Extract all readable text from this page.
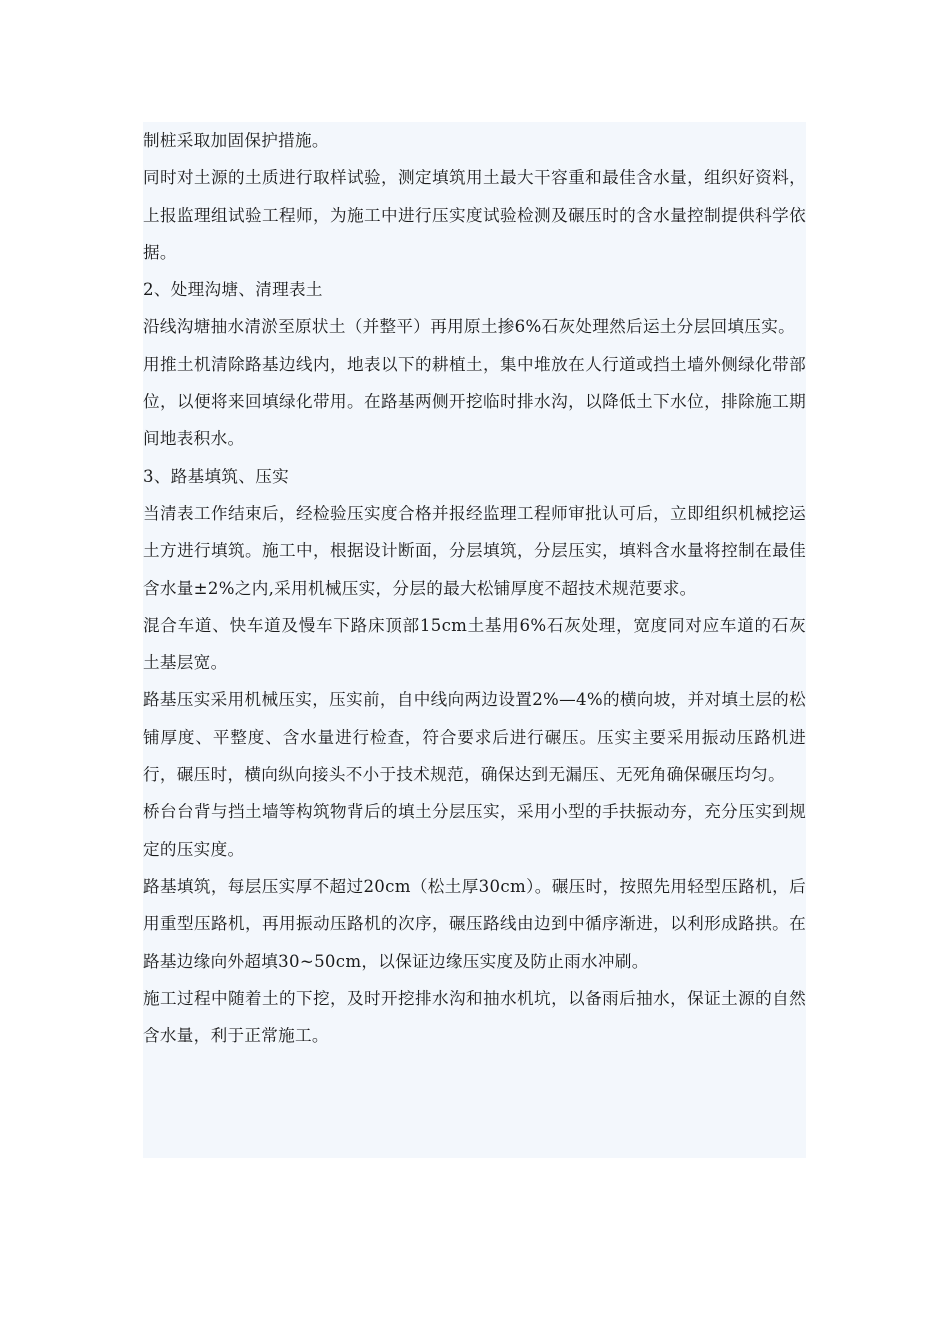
制桩采取加固保护措施。

同时对土源的土质进行取样试验，测定填筑用土最大干容重和最佳含水量，组织好资料，上报监理组试验工程师，为施工中进行压实度试验检测及碾压时的含水量控制提供科学依据。

2、处理沟塘、清理表土

沿线沟塘抽水清淤至原状土（并整平）再用原土掺6%石灰处理然后运土分层回填压实。

用推土机清除路基边线内，地表以下的耕植土，集中堆放在人行道或挡土墙外侧绿化带部位，以便将来回填绿化带用。在路基两侧开挖临时排水沟，以降低土下水位，排除施工期间地表积水。

3、路基填筑、压实

当清表工作结束后，经检验压实度合格并报经监理工程师审批认可后，立即组织机械挖运土方进行填筑。施工中，根据设计断面，分层填筑，分层压实，填料含水量将控制在最佳含水量±2%之内,采用机械压实，分层的最大松铺厚度不超技术规范要求。

混合车道、快车道及慢车下路床顶部15cm土基用6%石灰处理，宽度同对应车道的石灰土基层宽。

路基压实采用机械压实，压实前，自中线向两边设置2%—4%的横向坡，并对填土层的松铺厚度、平整度、含水量进行检查，符合要求后进行碾压。压实主要采用振动压路机进行，碾压时，横向纵向接头不小于技术规范，确保达到无漏压、无死角确保碾压均匀。

桥台台背与挡土墙等构筑物背后的填土分层压实，采用小型的手扶振动夯，充分压实到规定的压实度。

路基填筑，每层压实厚不超过20cm（松土厚30cm）。碾压时，按照先用轻型压路机，后用重型压路机，再用振动压路机的次序，碾压路线由边到中循序渐进，以利形成路拱。在路基边缘向外超填30~50cm，以保证边缘压实度及防止雨水冲刷。

施工过程中随着土的下挖，及时开挖排水沟和抽水机坑，以备雨后抽水，保证土源的自然含水量，利于正常施工。
